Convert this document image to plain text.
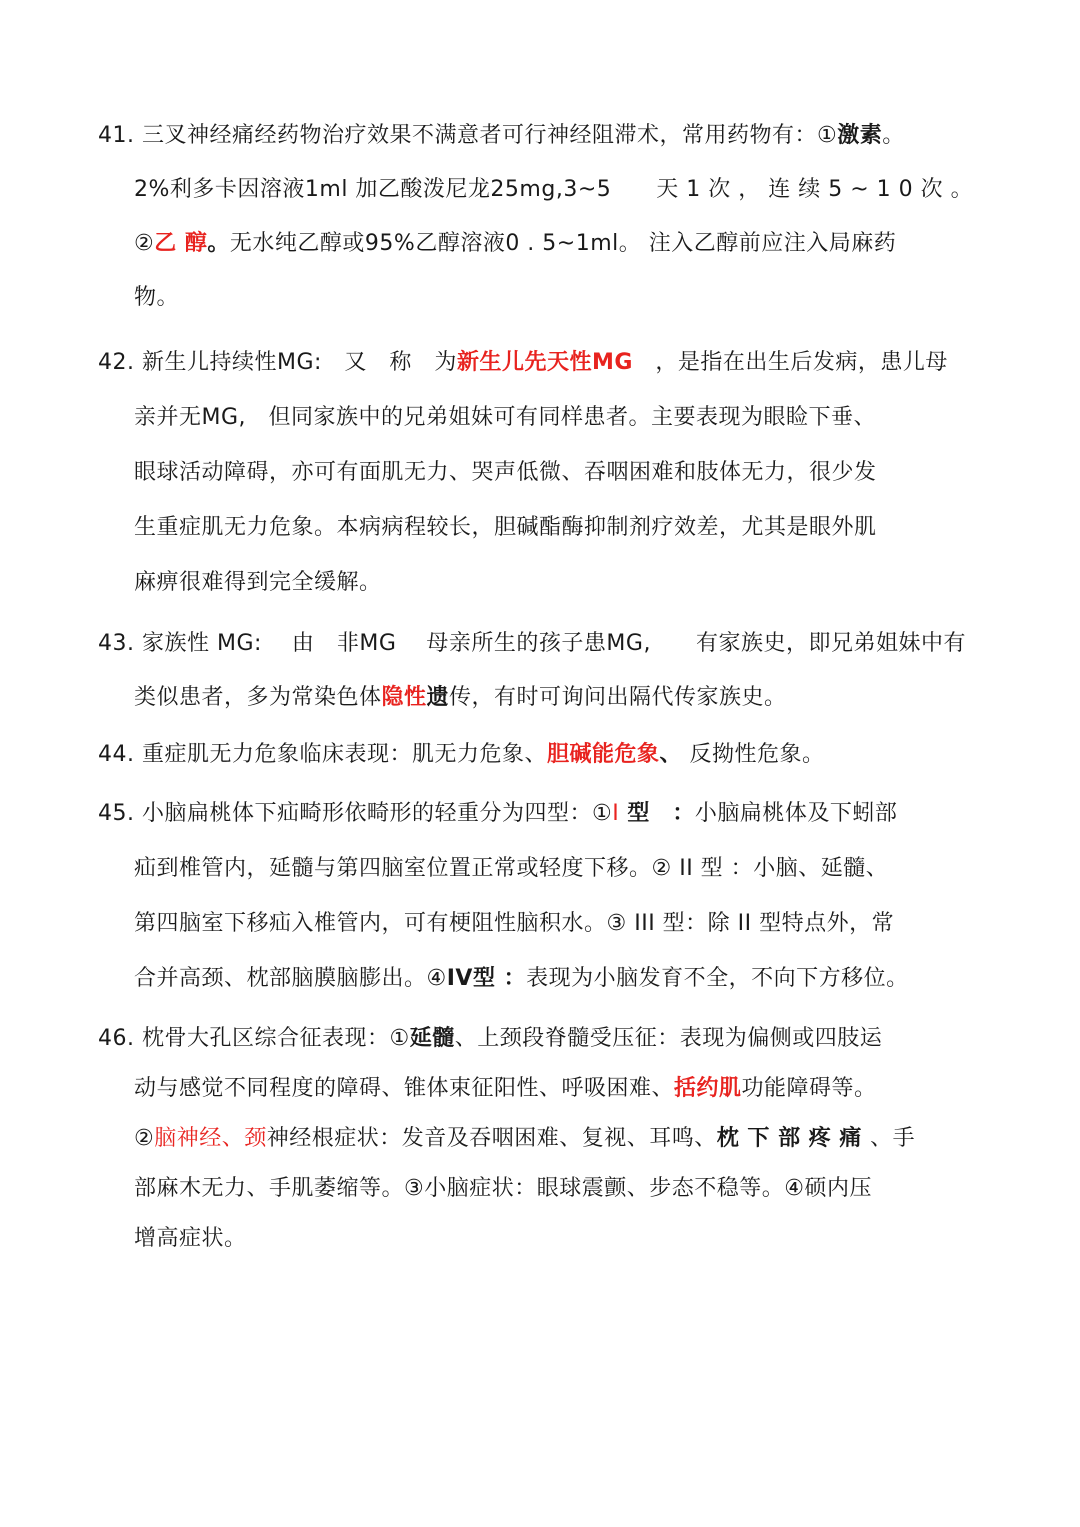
41. 三叉神经痛经药物治疗效果不满意者可行神经阻滞术，常用药物有：①激素。
2%利多卡因溶液1ml 加乙酸泼尼龙25mg,3~5　　天 1 次 ， 连 续 5 ~ 1 0 次 。
②乙 醇。无水纯乙醇或95%乙醇溶液0 . 5~1ml。 注入乙醇前应注入局麻药
物。
42. 新生儿持续性MG:　又　称　为新生儿先天性MG　，是指在出生后发病，患儿母
亲并无MG,　但同家族中的兄弟姐妹可有同样患者。主要表现为眼睑下垂、
眼球活动障碍，亦可有面肌无力、哭声低微、吞咽困难和肢体无力，很少发
生重症肌无力危象。本病病程较长，胆碱酯酶抑制剂疗效差，尤其是眼外肌
麻痹很难得到完全缓解。
43. 家族性 MG:　 由　非MG　 母亲所生的孩子患MG,　　有家族史，即兄弟姐妹中有
类似患者，多为常染色体隐性遗传，有时可询问出隔代传家族史。
44. 重症肌无力危象临床表现：肌无力危象、胆碱能危象、 反拗性危象。
45. 小脑扁桃体下疝畸形依畸形的轻重分为四型：①I 型　：小脑扁桃体及下蚓部
疝到椎管内，延髓与第四脑室位置正常或轻度下移。② II 型 ：小脑、延髓、
第四脑室下移疝入椎管内，可有梗阻性脑积水。③ III 型：除 II 型特点外，常
合并高颈、枕部脑膜脑膨出。④IV型 ：表现为小脑发育不全，不向下方移位。
46. 枕骨大孔区综合征表现：①延髓、上颈段脊髓受压征：表现为偏侧或四肢运
动与感觉不同程度的障碍、锥体束征阳性、呼吸困难、括约肌功能障碍等。
②脑神经、颈神经根症状：发音及吞咽困难、复视、耳鸣、枕 下 部 疼 痛 、手
部麻木无力、手肌萎缩等。③小脑症状：眼球震颤、步态不稳等。④硕内压
增高症状。
